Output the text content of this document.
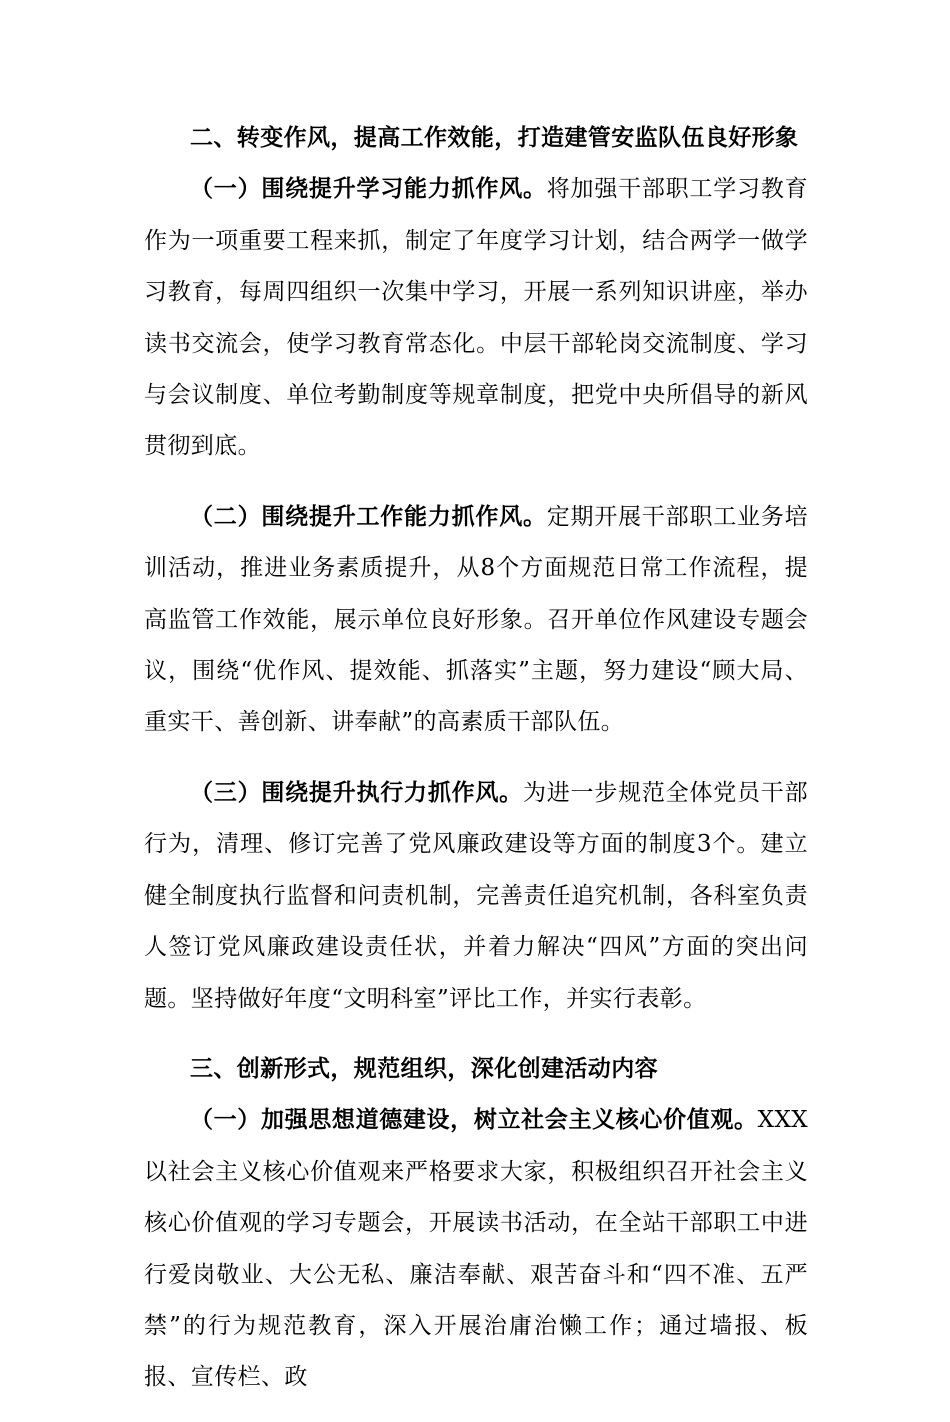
二、转变作风，提高工作效能，打造建管安监队伍良好形象

（一）围绕提升学习能力抓作风。将加强干部职工学习教育作为一项重要工程来抓，制定了年度学习计划，结合两学一做学习教育，每周四组织一次集中学习，开展一系列知识讲座，举办读书交流会，使学习教育常态化。中层干部轮岗交流制度、学习与会议制度、单位考勤制度等规章制度，把党中央所倡导的新风贯彻到底。

（二）围绕提升工作能力抓作风。定期开展干部职工业务培训活动，推进业务素质提升，从8个方面规范日常工作流程，提高监管工作效能，展示单位良好形象。召开单位作风建设专题会议，围绕“优作风、提效能、抓落实”主题，努力建设“顾大局、重实干、善创新、讲奉献”的高素质干部队伍。

（三）围绕提升执行力抓作风。为进一步规范全体党员干部行为，清理、修订完善了党风廉政建设等方面的制度3个。建立健全制度执行监督和问责机制，完善责任追究机制，各科室负责人签订党风廉政建设责任状，并着力解决“四风”方面的突出问题。坚持做好年度“文明科室”评比工作，并实行表彰。

三、创新形式，规范组织，深化创建活动内容

（一）加强思想道德建设，树立社会主义核心价值观。XXX以社会主义核心价值观来严格要求大家，积极组织召开社会主义核心价值观的学习专题会，开展读书活动，在全站干部职工中进行爱岗敬业、大公无私、廉洁奉献、艰苦奋斗和“四不准、五严禁”的行为规范教育，深入开展治庸治懒工作；通过墙报、板报、宣传栏、政
